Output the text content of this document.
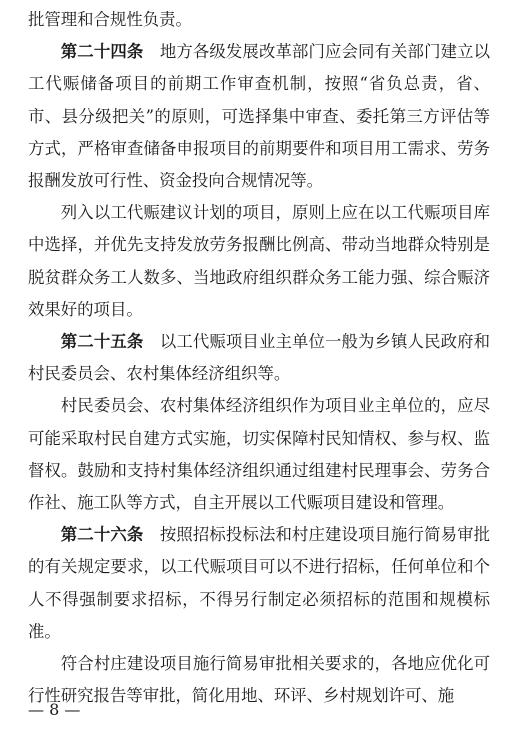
批管理和合规性负责。

第二十四条  地方各级发展改革部门应会同有关部门建立以工代赈储备项目的前期工作审查机制，按照“省负总责，省、市、县分级把关”的原则，可选择集中审查、委托第三方评估等方式，严格审查储备申报项目的前期要件和项目用工需求、劳务报酬发放可行性、资金投向合规情况等。

列入以工代赈建议计划的项目，原则上应在以工代赈项目库中选择，并优先支持发放劳务报酬比例高、带动当地群众特别是脱贫群众务工人数多、当地政府组织群众务工能力强、综合赈济效果好的项目。

第二十五条  以工代赈项目业主单位一般为乡镇人民政府和村民委员会、农村集体经济组织等。

村民委员会、农村集体经济组织作为项目业主单位的，应尽可能采取村民自建方式实施，切实保障村民知情权、参与权、监督权。鼓励和支持村集体经济组织通过组建村民理事会、劳务合作社、施工队等方式，自主开展以工代赈项目建设和管理。

第二十六条  按照招标投标法和村庄建设项目施行简易审批的有关规定要求，以工代赈项目可以不进行招标，任何单位和个人不得强制要求招标，不得另行制定必须招标的范围和规模标准。

符合村庄建设项目施行简易审批相关要求的，各地应优化可行性研究报告等审批，简化用地、环评、乡村规划许可、施

— 8 —
